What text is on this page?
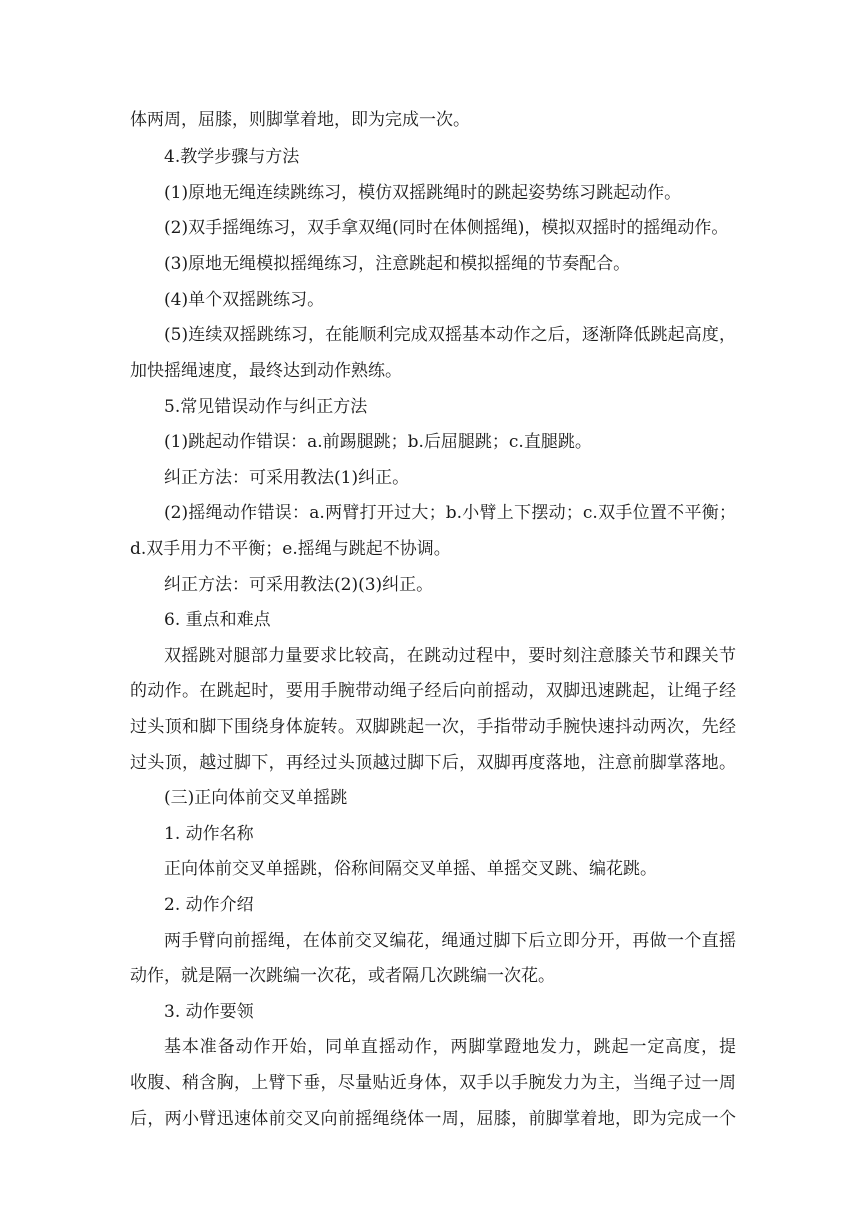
体两周，屈膝，则脚掌着地，即为完成一次。
4.教学步骤与方法
(1)原地无绳连续跳练习，模仿双摇跳绳时的跳起姿势练习跳起动作。
(2)双手摇绳练习，双手拿双绳(同时在体侧摇绳)，模拟双摇时的摇绳动作。
(3)原地无绳模拟摇绳练习，注意跳起和模拟摇绳的节奏配合。
(4)单个双摇跳练习。
(5)连续双摇跳练习，在能顺利完成双摇基本动作之后，逐渐降低跳起高度，
加快摇绳速度，最终达到动作熟练。
5.常见错误动作与纠正方法
(1)跳起动作错误：a.前踢腿跳；b.后屈腿跳；c.直腿跳。
纠正方法：可采用教法(1)纠正。
(2)摇绳动作错误：a.两臂打开过大；b.小臂上下摆动；c.双手位置不平衡；
d.双手用力不平衡；e.摇绳与跳起不协调。
纠正方法：可采用教法(2)(3)纠正。
6. 重点和难点
双摇跳对腿部力量要求比较高，在跳动过程中，要时刻注意膝关节和踝关节
的动作。在跳起时，要用手腕带动绳子经后向前摇动，双脚迅速跳起，让绳子经
过头顶和脚下围绕身体旋转。双脚跳起一次，手指带动手腕快速抖动两次，先经
过头顶，越过脚下，再经过头顶越过脚下后，双脚再度落地，注意前脚掌落地。
(三)正向体前交叉单摇跳
1. 动作名称
正向体前交叉单摇跳，俗称间隔交叉单摇、单摇交叉跳、编花跳。
2. 动作介绍
两手臂向前摇绳，在体前交叉编花，绳通过脚下后立即分开，再做一个直摇
动作，就是隔一次跳编一次花，或者隔几次跳编一次花。
3. 动作要领
基本准备动作开始，同单直摇动作，两脚掌蹬地发力，跳起一定高度，提
收腹、稍含胸，上臂下垂，尽量贴近身体，双手以手腕发力为主，当绳子过一周
后，两小臂迅速体前交叉向前摇绳绕体一周，屈膝，前脚掌着地，即为完成一个
